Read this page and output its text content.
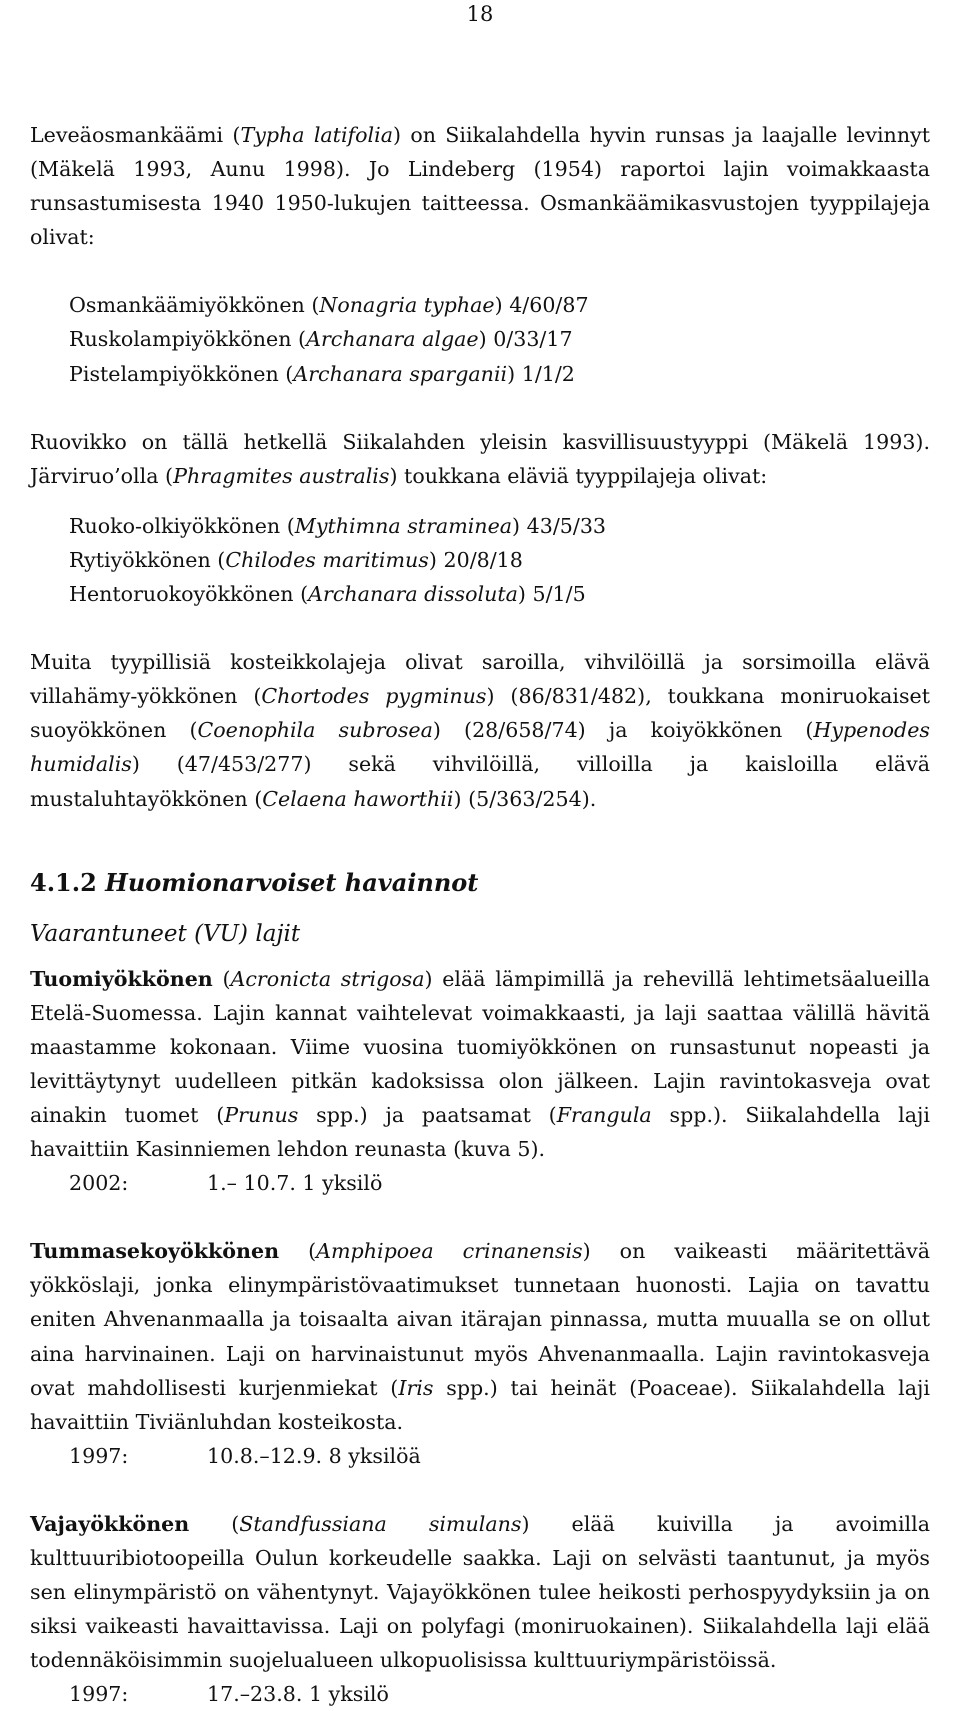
18

Leveäosmankäämi (Typha latifolia) on Siikalahdella hyvin runsas ja laajalle levinnyt (Mäkelä 1993, Aunu 1998). Jo Lindeberg (1954) raportoi lajin voimakkaasta runsastumisesta 1940 1950-lukujen taitteessa. Osmankäämikasvustojen tyyppilajeja olivat:

Osmankäämiyökkönen (Nonagria typhae) 4/60/87
Ruskolampiyökkönen (Archanara algae) 0/33/17
Pistelampiyökkönen (Archanara sparganii) 1/1/2

Ruovikko on tällä hetkellä Siikalahden yleisin kasvillisuustyyppi (Mäkelä 1993). Järviruo’olla (Phragmites australis) toukkana eläviä tyyppilajeja olivat:

Ruoko-olkiyökkönen (Mythimna straminea) 43/5/33
Rytiyökkönen (Chilodes maritimus) 20/8/18
Hentoruokoyökkönen (Archanara dissoluta) 5/1/5

Muita tyypillisiä kosteikkolajeja olivat saroilla, vihvilöillä ja sorsimoilla elävä villahämy-yökkönen (Chortodes pygminus) (86/831/482), toukkana moniruokaiset suoyökkönen (Coenophila subrosea) (28/658/74) ja koiyökkönen (Hypenodes humidalis) (47/453/277) sekä vihvilöillä, villoilla ja kaisloilla elävä mustaluhtayökkönen (Celaena haworthii) (5/363/254).

4.1.2 Huomionarvoiset havainnot
Vaarantuneet (VU) lajit

Tuomiyökkönen (Acronicta strigosa) elää lämpimillä ja rehevillä lehtimetsäalueilla Etelä-Suomessa. Lajin kannat vaihtelevat voimakkaasti, ja laji saattaa välillä hävitä maastamme kokonaan. Viime vuosina tuomiyökkönen on runsastunut nopeasti ja levittäytynyt uudelleen pitkän kadoksissa olon jälkeen. Lajin ravintokasveja ovat ainakin tuomet (Prunus spp.) ja paatsamat (Frangula spp.). Siikalahdella laji havaittiin Kasinniemen lehdon reunasta (kuva 5).

2002:	1.– 10.7. 1 yksilö

Tummasekoyökkönen (Amphipoea crinanensis) on vaikeasti määritettävä yökköslaji, jonka elinympäristövaatimukset tunnetaan huonosti. Lajia on tavattu eniten Ahvenanmaalla ja toisaalta aivan itärajan pinnassa, mutta muualla se on ollut aina harvinainen. Laji on harvinaistunut myös Ahvenanmaalla. Lajin ravintokasveja ovat mahdollisesti kurjenmiekat (Iris spp.) tai heinät (Poaceae). Siikalahdella laji havaittiin Tiviänluhdan kosteikosta.

1997:	10.8.–12.9. 8 yksilöä

Vajayökkönen (Standfussiana simulans) elää kuivilla ja avoimilla kulttuuribiotoopeilla Oulun korkeudelle saakka. Laji on selvästi taantunut, ja myös sen elinympäristö on vähentynyt. Vajayökkönen tulee heikosti perhospyydyksiin ja on siksi vaikeasti havaittavissa. Laji on polyfagi (moniruokainen). Siikalahdella laji elää todennäköisimmin suojelualueen ulkopuolisissa kulttuuriympäristöissä.

1997:	17.–23.8. 1 yksilö
